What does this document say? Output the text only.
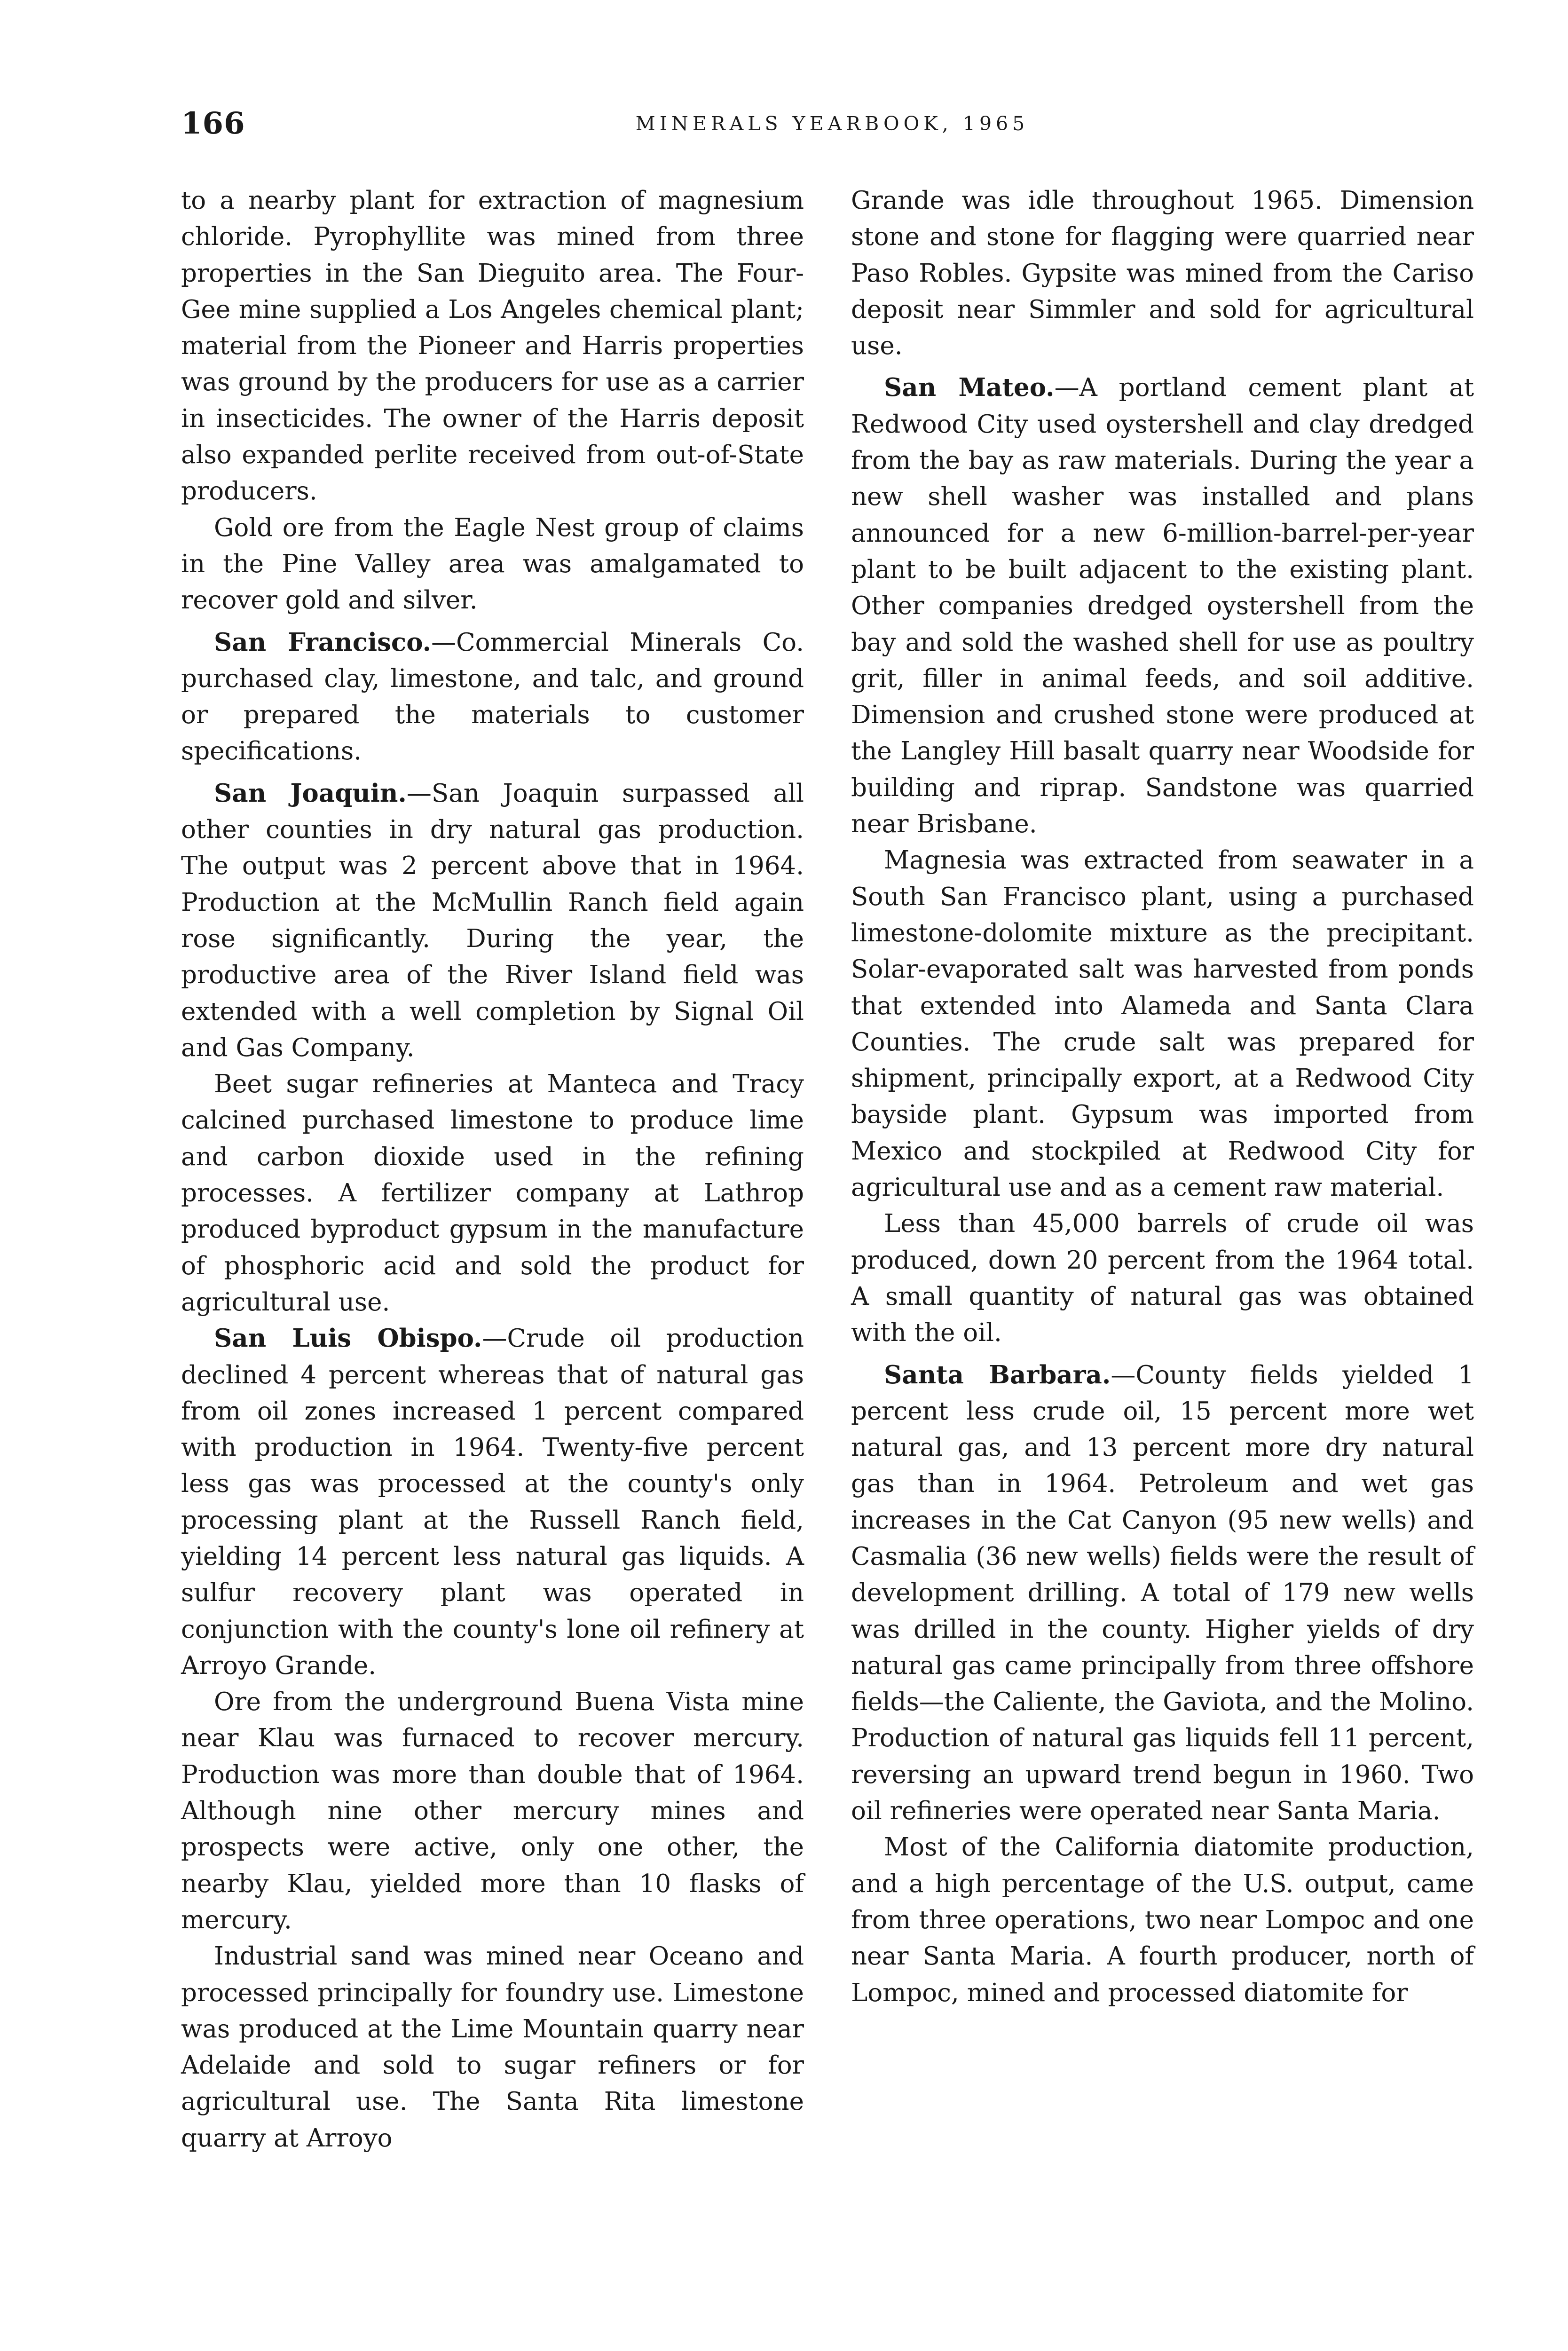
166	MINERALS YEARBOOK, 1965

to a nearby plant for extraction of magnesium chloride. Pyrophyllite was mined from three properties in the San Dieguito area. The Four-Gee mine supplied a Los Angeles chemical plant; material from the Pioneer and Harris properties was ground by the producers for use as a carrier in insecticides. The owner of the Harris deposit also expanded perlite received from out-of-State producers.

Gold ore from the Eagle Nest group of claims in the Pine Valley area was amalgamated to recover gold and silver.

San Francisco.—Commercial Minerals Co. purchased clay, limestone, and talc, and ground or prepared the materials to customer specifications.

San Joaquin.—San Joaquin surpassed all other counties in dry natural gas production. The output was 2 percent above that in 1964. Production at the McMullin Ranch field again rose significantly. During the year, the productive area of the River Island field was extended with a well completion by Signal Oil and Gas Company.

Beet sugar refineries at Manteca and Tracy calcined purchased limestone to produce lime and carbon dioxide used in the refining processes. A fertilizer company at Lathrop produced byproduct gypsum in the manufacture of phosphoric acid and sold the product for agricultural use.

San Luis Obispo.—Crude oil production declined 4 percent whereas that of natural gas from oil zones increased 1 percent compared with production in 1964. Twenty-five percent less gas was processed at the county's only processing plant at the Russell Ranch field, yielding 14 percent less natural gas liquids. A sulfur recovery plant was operated in conjunction with the county's lone oil refinery at Arroyo Grande.

Ore from the underground Buena Vista mine near Klau was furnaced to recover mercury. Production was more than double that of 1964. Although nine other mercury mines and prospects were active, only one other, the nearby Klau, yielded more than 10 flasks of mercury.

Industrial sand was mined near Oceano and processed principally for foundry use. Limestone was produced at the Lime Mountain quarry near Adelaide and sold to sugar refiners or for agricultural use. The Santa Rita limestone quarry at Arroyo

Grande was idle throughout 1965. Dimension stone and stone for flagging were quarried near Paso Robles. Gypsite was mined from the Cariso deposit near Simmler and sold for agricultural use.

San Mateo.—A portland cement plant at Redwood City used oystershell and clay dredged from the bay as raw materials. During the year a new shell washer was installed and plans announced for a new 6-million-barrel-per-year plant to be built adjacent to the existing plant. Other companies dredged oystershell from the bay and sold the washed shell for use as poultry grit, filler in animal feeds, and soil additive. Dimension and crushed stone were produced at the Langley Hill basalt quarry near Woodside for building and riprap. Sandstone was quarried near Brisbane.

Magnesia was extracted from seawater in a South San Francisco plant, using a purchased limestone-dolomite mixture as the precipitant. Solar-evaporated salt was harvested from ponds that extended into Alameda and Santa Clara Counties. The crude salt was prepared for shipment, principally export, at a Redwood City bayside plant. Gypsum was imported from Mexico and stockpiled at Redwood City for agricultural use and as a cement raw material.

Less than 45,000 barrels of crude oil was produced, down 20 percent from the 1964 total. A small quantity of natural gas was obtained with the oil.

Santa Barbara.—County fields yielded 1 percent less crude oil, 15 percent more wet natural gas, and 13 percent more dry natural gas than in 1964. Petroleum and wet gas increases in the Cat Canyon (95 new wells) and Casmalia (36 new wells) fields were the result of development drilling. A total of 179 new wells was drilled in the county. Higher yields of dry natural gas came principally from three offshore fields—the Caliente, the Gaviota, and the Molino. Production of natural gas liquids fell 11 percent, reversing an upward trend begun in 1960. Two oil refineries were operated near Santa Maria.

Most of the California diatomite production, and a high percentage of the U.S. output, came from three operations, two near Lompoc and one near Santa Maria. A fourth producer, north of Lompoc, mined and processed diatomite for
